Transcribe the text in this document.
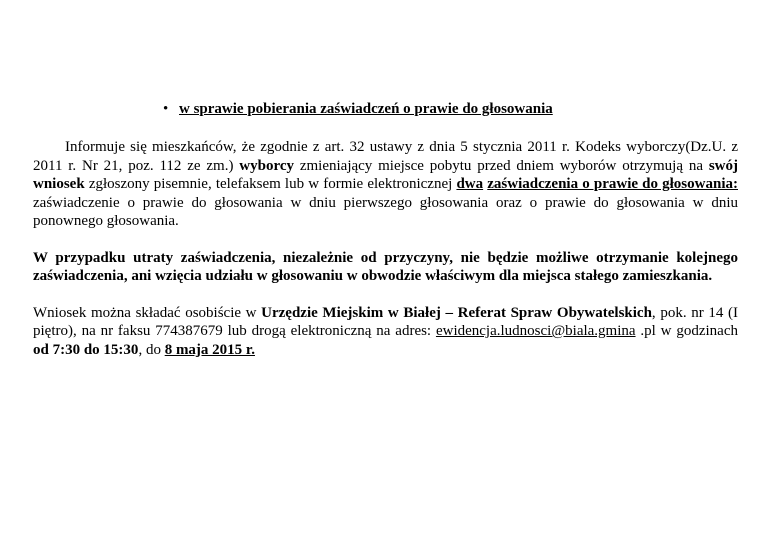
• w sprawie pobierania zaświadczeń o prawie do głosowania

Informuje się mieszkańców, że zgodnie z art. 32 ustawy z dnia 5 stycznia 2011 r. Kodeks wyborczy(Dz.U. z 2011 r. Nr 21, poz. 112 ze zm.) wyborcy zmieniający miejsce pobytu przed dniem wyborów otrzymują na swój wniosek zgłoszony pisemnie, telefaksem lub w formie elektronicznej dwa zaświadczenia o prawie do głosowania: zaświadczenie o prawie do głosowania w dniu pierwszego głosowania oraz o prawie do głosowania w dniu ponownego głosowania.

W przypadku utraty zaświadczenia, niezależnie od przyczyny, nie będzie możliwe otrzymanie kolejnego zaświadczenia, ani wzięcia udziału w głosowaniu w obwodzie właściwym dla miejsca stałego zamieszkania.

Wniosek można składać osobiście w Urzędzie Miejskim w Białej – Referat Spraw Obywatelskich, pok. nr 14 (I piętro), na nr faksu 774387679 lub drogą elektroniczną na adres: ewidencja.ludnosci@biala.gmina .pl w godzinach od 7:30 do 15:30, do 8 maja 2015 r.
